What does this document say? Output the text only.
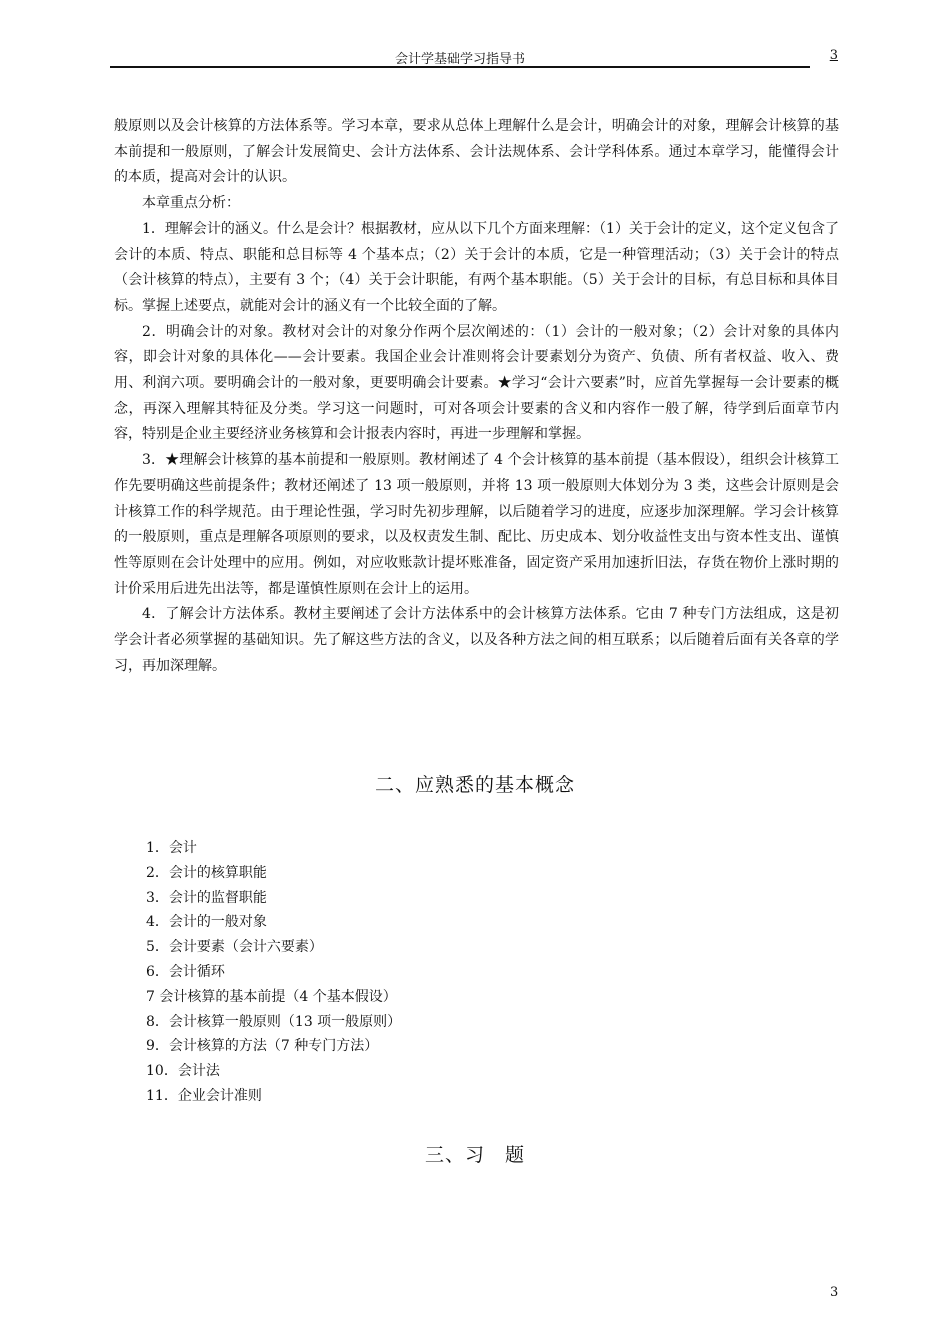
会计学基础学习指导书	3

般原则以及会计核算的方法体系等。学习本章，要求从总体上理解什么是会计，明确会计的对象，理解会计核算的基本前提和一般原则，了解会计发展简史、会计方法体系、会计法规体系、会计学科体系。通过本章学习，能懂得会计的本质，提高对会计的认识。

本章重点分析：

1．理解会计的涵义。什么是会计？根据教材，应从以下几个方面来理解：（1）关于会计的定义，这个定义包含了会计的本质、特点、职能和总目标等 4 个基本点；（2）关于会计的本质，它是一种管理活动；（3）关于会计的特点（会计核算的特点），主要有 3 个；（4）关于会计职能，有两个基本职能。（5）关于会计的目标，有总目标和具体目标。掌握上述要点，就能对会计的涵义有一个比较全面的了解。

2．明确会计的对象。教材对会计的对象分作两个层次阐述的：（1）会计的一般对象；（2）会计对象的具体内容，即会计对象的具体化——会计要素。我国企业会计准则将会计要素划分为资产、负债、所有者权益、收入、费用、利润六项。要明确会计的一般对象，更要明确会计要素。★学习“会计六要素”时，应首先掌握每一会计要素的概念，再深入理解其特征及分类。学习这一问题时，可对各项会计要素的含义和内容作一般了解，待学到后面章节内容，特别是企业主要经济业务核算和会计报表内容时，再进一步理解和掌握。

3．★理解会计核算的基本前提和一般原则。教材阐述了 4 个会计核算的基本前提（基本假设），组织会计核算工作先要明确这些前提条件；教材还阐述了 13 项一般原则，并将 13 项一般原则大体划分为 3 类，这些会计原则是会计核算工作的科学规范。由于理论性强，学习时先初步理解，以后随着学习的进度，应逐步加深理解。学习会计核算的一般原则，重点是理解各项原则的要求，以及权责发生制、配比、历史成本、划分收益性支出与资本性支出、谨慎性等原则在会计处理中的应用。例如，对应收账款计提坏账准备，固定资产采用加速折旧法，存货在物价上涨时期的计价采用后进先出法等，都是谨慎性原则在会计上的运用。

4．了解会计方法体系。教材主要阐述了会计方法体系中的会计核算方法体系。它由 7 种专门方法组成，这是初学会计者必须掌握的基础知识。先了解这些方法的含义，以及各种方法之间的相互联系；以后随着后面有关各章的学习，再加深理解。

二、应熟悉的基本概念
1．会计
2．会计的核算职能
3．会计的监督职能
4．会计的一般对象
5．会计要素（会计六要素）
6．会计循环
7 会计核算的基本前提（4 个基本假设）
8．会计核算一般原则（13 项一般原则）
9．会计核算的方法（7 种专门方法）
10．会计法
11．企业会计准则
三、习　题
3
